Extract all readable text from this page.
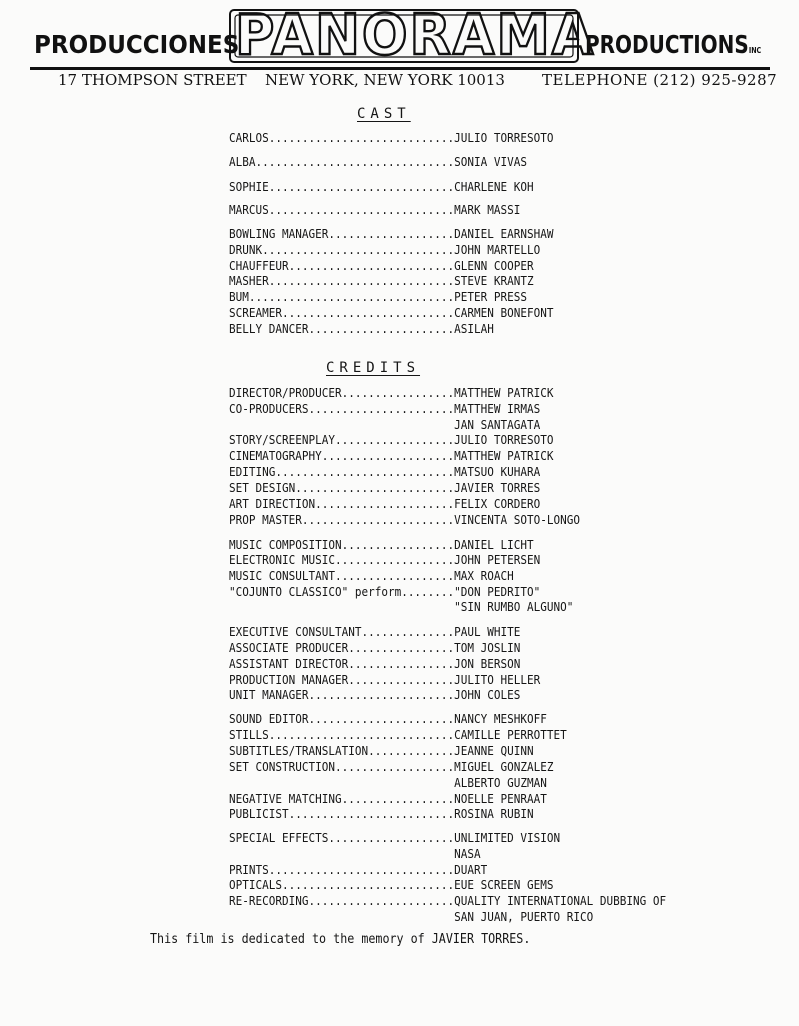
PRODUCCIONES
PANORAMA
PRODUCTIONSINC
17 THOMPSON STREET NEW YORK, NEW YORK 10013 TELEPHONE (212) 925-9287
CAST
CARLOS............................JULIO TORRESOTO
ALBA..............................SONIA VIVAS
SOPHIE............................CHARLENE KOH
MARCUS............................MARK MASSI
BOWLING MANAGER...................DANIEL EARNSHAW
DRUNK.............................JOHN MARTELLO
CHAUFFEUR.........................GLENN COOPER
MASHER............................STEVE KRANTZ
BUM...............................PETER PRESS
SCREAMER..........................CARMEN BONEFONT
BELLY DANCER......................ASILAH
CREDITS
DIRECTOR/PRODUCER.................MATTHEW PATRICK
CO-PRODUCERS......................MATTHEW IRMAS
JAN SANTAGATA
STORY/SCREENPLAY..................JULIO TORRESOTO
CINEMATOGRAPHY....................MATTHEW PATRICK
EDITING...........................MATSUO KUHARA
SET DESIGN........................JAVIER TORRES
ART DIRECTION.....................FELIX CORDERO
PROP MASTER.......................VINCENTA SOTO-LONGO
MUSIC COMPOSITION.................DANIEL LICHT
ELECTRONIC MUSIC..................JOHN PETERSEN
MUSIC CONSULTANT..................MAX ROACH
"COJUNTO CLASSICO" perform........"DON PEDRITO"
"SIN RUMBO ALGUNO"
EXECUTIVE CONSULTANT..............PAUL WHITE
ASSOCIATE PRODUCER................TOM JOSLIN
ASSISTANT DIRECTOR................JON BERSON
PRODUCTION MANAGER................JULITO HELLER
UNIT MANAGER......................JOHN COLES
SOUND EDITOR......................NANCY MESHKOFF
STILLS............................CAMILLE PERROTTET
SUBTITLES/TRANSLATION.............JEANNE QUINN
SET CONSTRUCTION..................MIGUEL GONZALEZ
ALBERTO GUZMAN
NEGATIVE MATCHING.................NOELLE PENRAAT
PUBLICIST.........................ROSINA RUBIN
SPECIAL EFFECTS...................UNLIMITED VISION
NASA
PRINTS............................DUART
OPTICALS..........................EUE SCREEN GEMS
RE-RECORDING......................QUALITY INTERNATIONAL DUBBING OF
SAN JUAN, PUERTO RICO
This film is dedicated to the memory of JAVIER TORRES.
